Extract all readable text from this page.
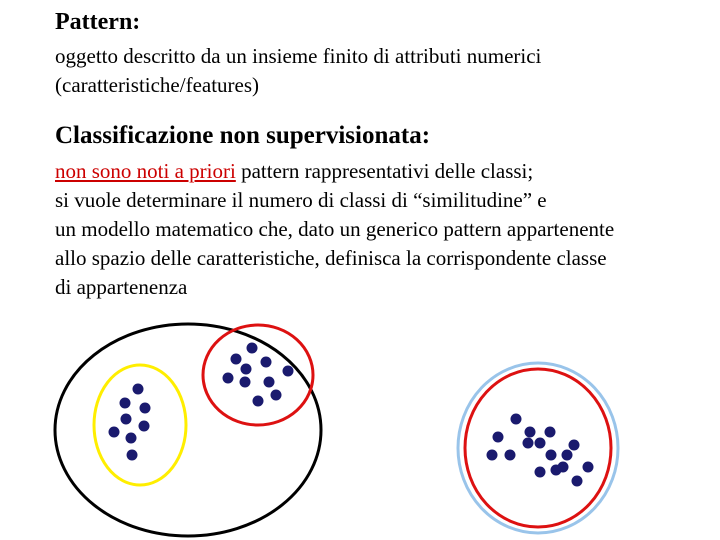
Pattern:
oggetto descritto da un insieme finito di attributi numerici
(caratteristiche/features)
Classificazione non supervisionata:
non sono noti a priori pattern rappresentativi delle classi;
si vuole determinare il numero di classi di “similitudine” e
un modello matematico che, dato un generico pattern appartenente
allo spazio delle caratteristiche, definisca la corrispondente classe
di appartenenza
